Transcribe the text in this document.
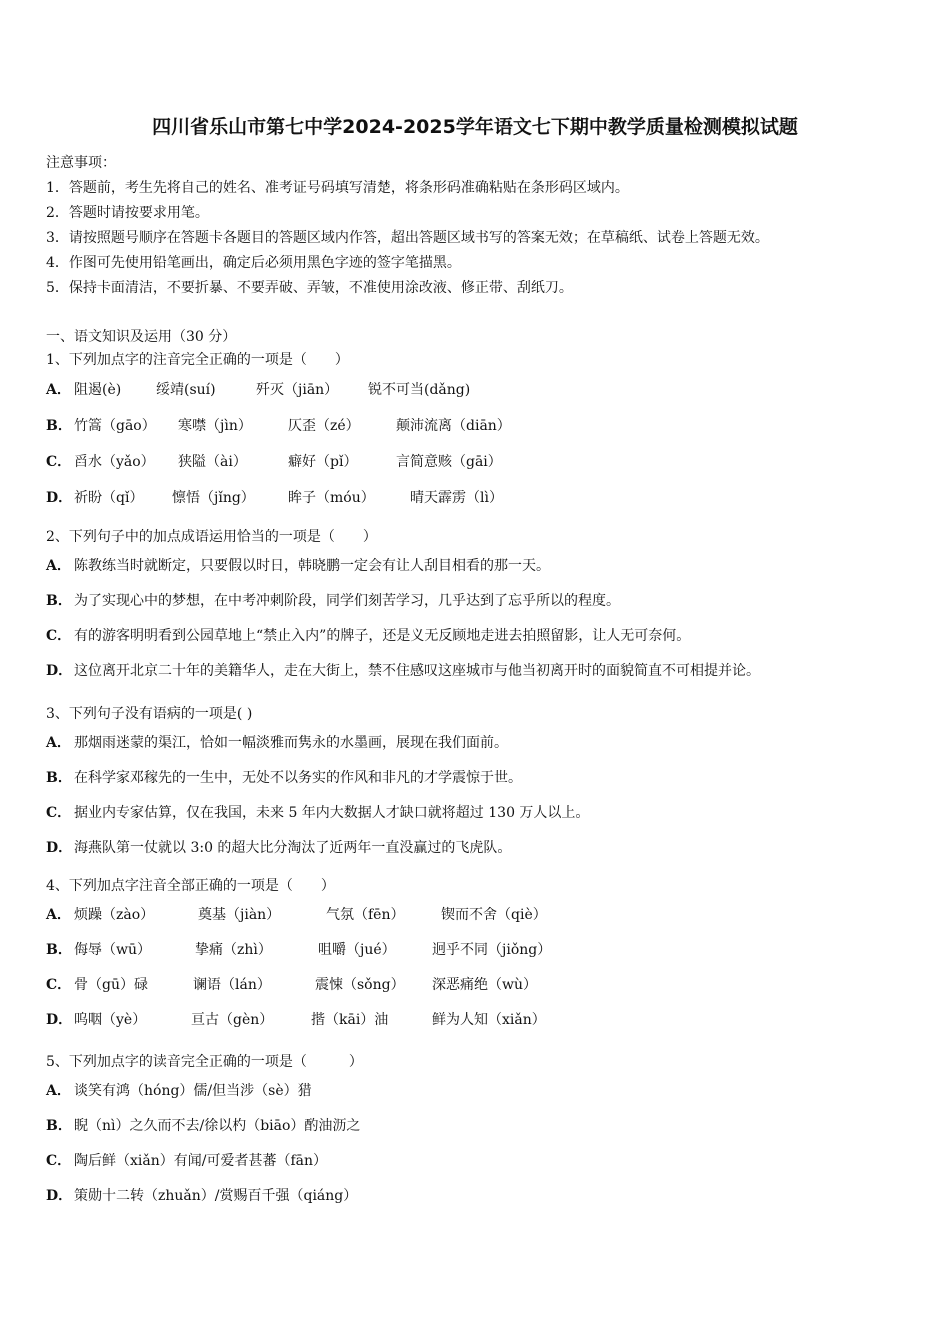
四川省乐山市第七中学2024-2025学年语文七下期中教学质量检测模拟试题
注意事项：
1．答题前，考生先将自己的姓名、准考证号码填写清楚，将条形码准确粘贴在条形码区域内。
2．答题时请按要求用笔。
3．请按照题号顺序在答题卡各题目的答题区域内作答，超出答题区域书写的答案无效；在草稿纸、试卷上答题无效。
4．作图可先使用铅笔画出，确定后必须用黑色字迹的签字笔描黑。
5．保持卡面清洁，不要折暴、不要弄破、弄皱，不准使用涂改液、修正带、刮纸刀。
一、语文知识及运用（30 分）
1、下列加点字的注音完全正确的一项是（　　）
A． 阻遏(è) 绥靖(suí)	歼灭（jiān） 锐不可当(dǎng)
B． 竹篙（gāo） 寒噤（jìn）	仄歪（zé）	颠沛流离（diān）
C． 舀水（yǎo） 狭隘（ài）	癖好（pǐ）	言简意赅（gāi）
D． 祈盼（qǐ） 懔悟（jǐng） 眸子（móu）	晴天霹雳（lì）
2、下列句子中的加点成语运用恰当的一项是（　　）
A． 陈教练当时就断定，只要假以时日，韩晓鹏一定会有让人刮目相看的那一天。
B． 为了实现心中的梦想，在中考冲刺阶段，同学们刻苦学习，几乎达到了忘乎所以的程度。
C． 有的游客明明看到公园草地上“禁止入内”的牌子，还是义无反顾地走进去拍照留影，让人无可奈何。
D． 这位离开北京二十年的美籍华人，走在大街上，禁不住感叹这座城市与他当初离开时的面貌简直不可相提并论。
3、下列句子没有语病的一项是( )
A． 那烟雨迷蒙的渠江，恰如一幅淡雅而隽永的水墨画，展现在我们面前。
B． 在科学家邓稼先的一生中，无处不以务实的作风和非凡的才学震惊于世。
C． 据业内专家估算，仅在我国，未来 5 年内大数据人才缺口就将超过 130 万人以上。
D． 海燕队第一仗就以 3:0 的超大比分淘汰了近两年一直没赢过的飞虎队。
4、下列加点字注音全部正确的一项是（　　）
A． 烦躁（zào）	奠基（jiàn）	气氛（fēn）	锲而不舍（qiè）
B． 侮辱（wū）	挚痛（zhì）	咀嚼（jué）	迥乎不同（jiǒng）
C． 骨（gū）碌	谰语（lán）	震悚（sǒng） 深恶痛绝（wù）
D． 呜咽（yè）	亘古（gèn）	揩（kāi）油	鲜为人知（xiǎn）
5、下列加点字的读音完全正确的一项是（　　　）
A． 谈笑有鸿（hóng）儒/但当涉（sè）猎
B． 睨（nì）之久而不去/徐以杓（biāo）酌油沥之
C． 陶后鲜（xiǎn）有闻/可爱者甚蕃（fān）
D． 策勋十二转（zhuǎn）/赏赐百千强（qiáng）
